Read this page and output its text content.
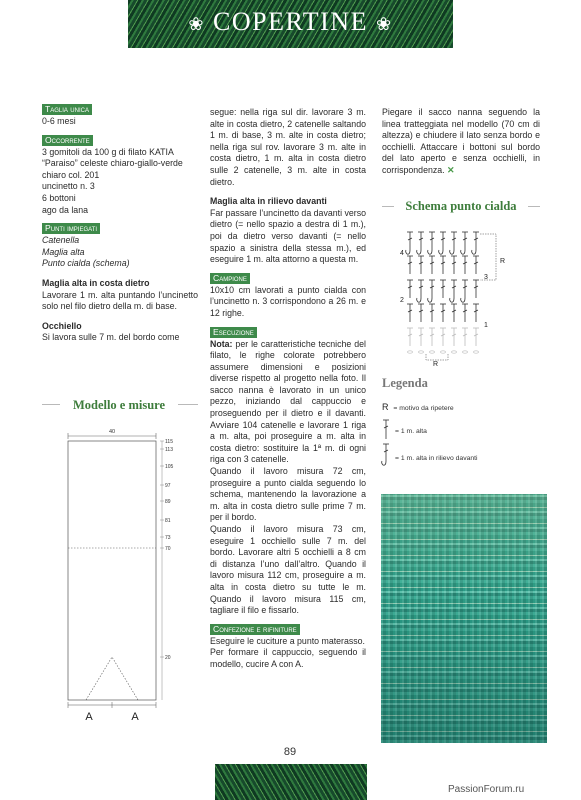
❀ COPERTINE ❀
Taglia unica

0-6 mesi

Occorrente

3 gomitoli da 100 g di filato KATIA “Paraiso” celeste chiaro-giallo-verde chiaro col. 201

uncinetto n. 3

6 bottoni

ago da lana

Punti impiegati

Catenella

Maglia alta

Punto cialda (schema)

Maglia alta in costa dietro

Lavorare 1 m. alta puntando l’uncinetto solo nel filo dietro della m. di base.

Occhiello

Si lavora sulle 7 m. del bordo come

Modello e misure
40
115
113
105
97
89
81
73
70
20
A	A

segue: nella riga sul dir. lavorare 3 m. alte in costa dietro, 2 catenelle saltando 1 m. di base, 3 m. alte in costa dietro; nella riga sul rov. lavorare 3 m. alte in costa dietro, 1 m. alta in costa dietro sulle 2 catenelle, 3 m. alte in costa dietro.

Maglia alta in rilievo davanti

Far passare l’uncinetto da davanti verso dietro (= nello spazio a destra di 1 m.), poi da dietro verso davanti (= nello spazio a sinistra della stessa m.), ed eseguire 1 m. alta attorno a questa m.

Campione

10x10 cm lavorati a punto cialda con l’uncinetto n. 3 corrispondono a 26 m. e 12 righe.

Esecuzione

Nota: per le caratteristiche tecniche del filato, le righe colorate potrebbero assumere dimensioni e posizioni diverse rispetto al progetto nella foto. Il sacco nanna è lavorato in un unico pezzo, iniziando dal cappuccio e proseguendo per il dietro e il davanti. Avviare 104 catenelle e lavorare 1 riga a m. alta, poi proseguire a m. alta in costa dietro: sostituire la 1ª m. di ogni riga con 3 catenelle.

Quando il lavoro misura 72 cm, proseguire a punto cialda seguendo lo schema, mantenendo la lavorazione a m. alta in costa dietro sulle prime 7 m. per il bordo.

Quando il lavoro misura 73 cm, eseguire 1 occhiello sulle 7 m. del bordo. Lavorare altri 5 occhielli a 8 cm di distanza l’uno dall’altro. Quando il lavoro misura 112 cm, proseguire a m. alta in costa dietro su tutte le m. Quando il lavoro misura 115 cm, tagliare il filo e fissarlo.

Confezione e rifiniture

Eseguire le cuciture a punto materasso.

Per formare il cappuccio, seguendo il modello, cucire A con A.

Piegare il sacco nanna seguendo la linea tratteggiata nel modello (70 cm di altezza) e chiudere il lato senza bordo e occhielli. Attaccare i bottoni sul bordo del lato aperto e senza occhielli, in corrispondenza. ✕

Schema punto cialda
4
3
2
1
R
R
Legenda
R = motivo da ripetere
= 1 m. alta
= 1 m. alta in rilievo davanti
89
PassionForum.ru
